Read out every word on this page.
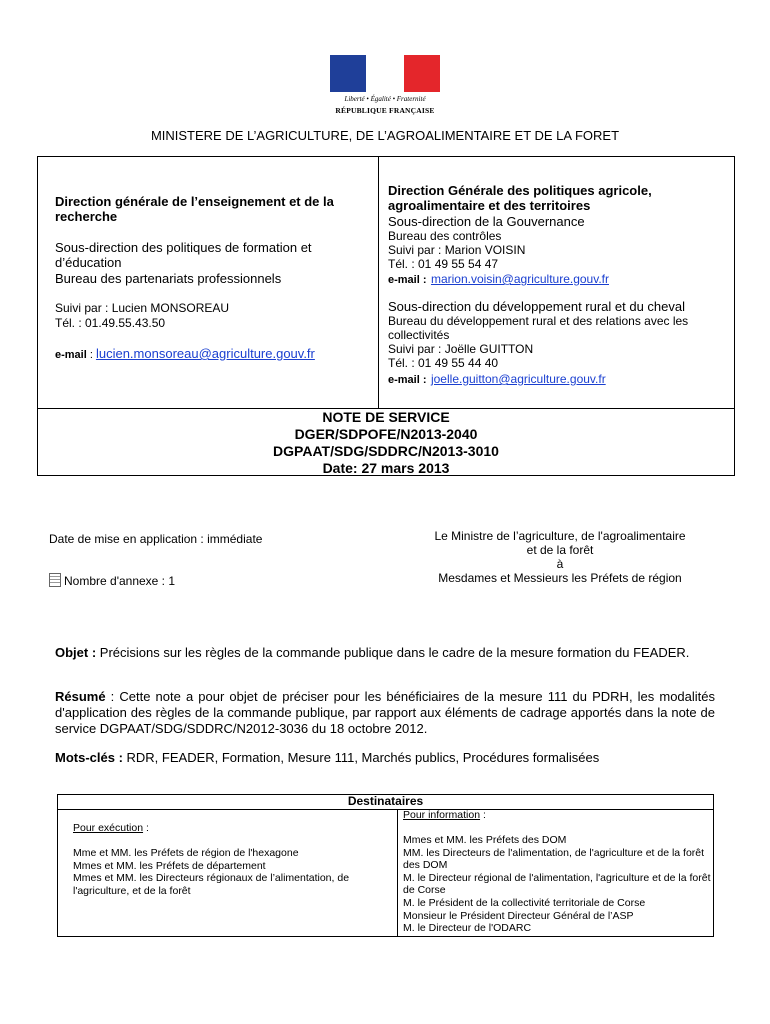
Liberté • Égalité • Fraternité
RÉPUBLIQUE FRANÇAISE
MINISTERE DE L’AGRICULTURE, DE L’AGROALIMENTAIRE ET DE LA FORET
Direction générale de l’enseignement et de la recherche
Sous-direction des politiques de formation et d’éducation
Bureau des partenariats professionnels
Suivi par : Lucien MONSOREAU
Tél. : 01.49.55.43.50
e-mail : lucien.monsoreau@agriculture.gouv.fr
Direction Générale des politiques agricole, agroalimentaire et des territoires
Sous-direction de la Gouvernance
Bureau des contrôles
Suivi par : Marion VOISIN
Tél. : 01 49 55 54 47
e-mail : marion.voisin@agriculture.gouv.fr
Sous-direction du développement rural et du cheval
Bureau du développement rural et des relations avec les collectivités
Suivi par : Joëlle GUITTON
Tél. : 01 49 55 44 40
e-mail : joelle.guitton@agriculture.gouv.fr
NOTE DE SERVICE
DGER/SDPOFE/N2013-2040
DGPAAT/SDG/SDDRC/N2013-3010
Date: 27 mars 2013
Date de mise en application : immédiate
Nombre d'annexe : 1
Le Ministre de l’agriculture, de l'agroalimentaire
et de la forêt
à
Mesdames et Messieurs les Préfets de région
Objet : Précisions sur les règles de la commande publique dans le cadre de la mesure formation du FEADER.
Résumé : Cette note a pour objet de préciser pour les bénéficiaires de la mesure 111 du PDRH, les modalités d'application des règles de la commande publique, par rapport aux éléments de cadrage apportés dans la note de service DGPAAT/SDG/SDDRC/N2012-3036 du 18 octobre 2012.
Mots-clés : RDR, FEADER, Formation, Mesure 111, Marchés publics, Procédures formalisées
Destinataires
Pour exécution :
Mme et MM. les Préfets de région de l'hexagone
Mmes et MM. les Préfets de département
Mmes et MM. les Directeurs régionaux de l’alimentation, de l'agriculture, et de la forêt
Pour information :
Mmes et MM. les Préfets des DOM
MM. les Directeurs de l'alimentation, de l'agriculture et de la forêt des DOM
M. le Directeur régional de l'alimentation, l'agriculture et de la forêt de Corse
M. le Président de la collectivité territoriale de Corse
Monsieur le Président Directeur Général de l’ASP
M. le Directeur de l'ODARC
